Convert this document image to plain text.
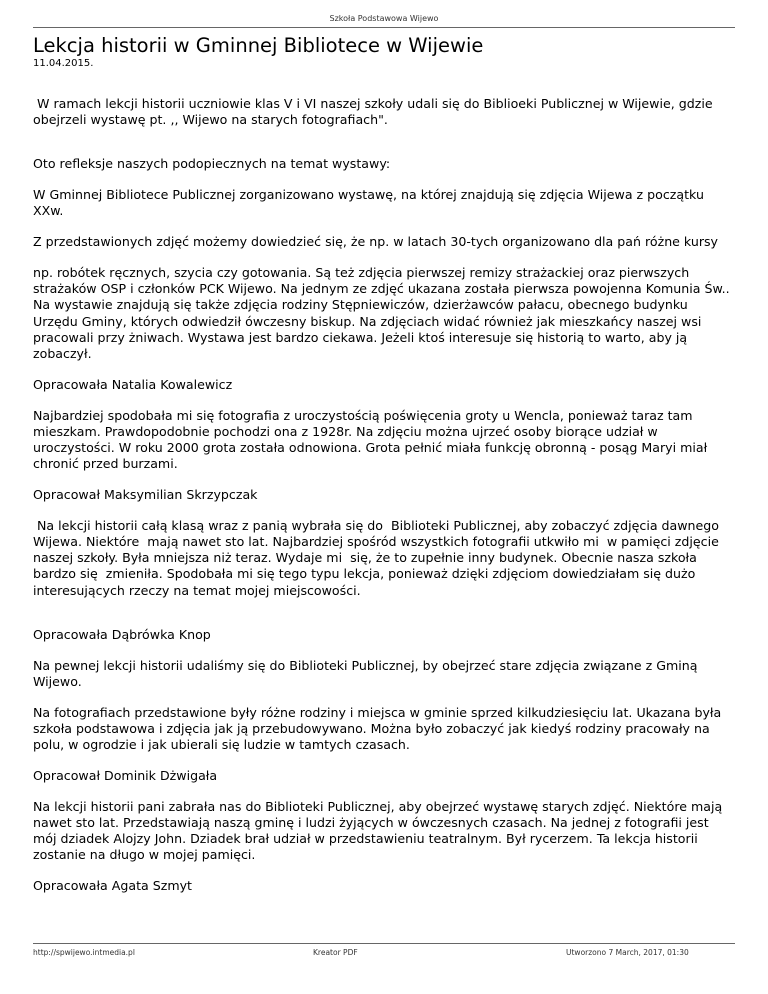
Szkoła Podstawowa Wijewo
Lekcja historii w Gminnej Bibliotece w Wijewie
11.04.2015.

W ramach lekcji historii uczniowie klas V i VI naszej szkoły udali się do Biblioeki Publicznej w Wijewie, gdzie obejrzeli wystawę pt. ,, Wijewo na starych fotografiach".

Oto refleksje naszych podopiecznych na temat wystawy:

W Gminnej Bibliotece Publicznej zorganizowano wystawę, na której znajdują się zdjęcia Wijewa z początku XXw.

Z przedstawionych zdjęć możemy dowiedzieć się, że np. w latach 30-tych organizowano dla pań różne kursy

np. robótek ręcznych, szycia czy gotowania. Są też zdjęcia pierwszej remizy strażackiej oraz pierwszych strażaków OSP i członków PCK Wijewo. Na jednym ze zdjęć ukazana została pierwsza powojenna Komunia Św.. Na wystawie znajdują się także zdjęcia rodziny Stępniewiczów, dzierżawców pałacu, obecnego budynku Urzędu Gminy, których odwiedził ówczesny biskup. Na zdjęciach widać również jak mieszkańcy naszej wsi pracowali przy żniwach. Wystawa jest bardzo ciekawa. Jeżeli ktoś interesuje się historią to warto, aby ją zobaczył.

Opracowała Natalia Kowalewicz

Najbardziej spodobała mi się fotografia z uroczystością poświęcenia groty u Wencla, ponieważ taraz tam mieszkam. Prawdopodobnie pochodzi ona z 1928r. Na zdjęciu można ujrzeć osoby biorące udział w uroczystości. W roku 2000 grota została odnowiona. Grota pełnić miała funkcję obronną - posąg Maryi miał chronić przed burzami.

Opracował Maksymilian Skrzypczak

Na lekcji historii całą klasą wraz z panią wybrała się do  Biblioteki Publicznej, aby zobaczyć zdjęcia dawnego Wijewa. Niektóre  mają nawet sto lat. Najbardziej spośród wszystkich fotografii utkwiło mi  w pamięci zdjęcie naszej szkoły. Była mniejsza niż teraz. Wydaje mi  się, że to zupełnie inny budynek. Obecnie nasza szkoła bardzo się  zmieniła. Spodobała mi się tego typu lekcja, ponieważ dzięki zdjęciom dowiedziałam się dużo interesujących rzeczy na temat mojej miejscowości.

Opracowała Dąbrówka Knop

Na pewnej lekcji historii udaliśmy się do Biblioteki Publicznej, by obejrzeć stare zdjęcia związane z Gminą Wijewo.

Na fotografiach przedstawione były różne rodziny i miejsca w gminie sprzed kilkudziesięciu lat. Ukazana była szkoła podstawowa i zdjęcia jak ją przebudowywano. Można było zobaczyć jak kiedyś rodziny pracowały na polu, w ogrodzie i jak ubierali się ludzie w tamtych czasach.

Opracował Dominik Dżwigała

Na lekcji historii pani zabrała nas do Biblioteki Publicznej, aby obejrzeć wystawę starych zdjęć. Niektóre mają nawet sto lat. Przedstawiają naszą gminę i ludzi żyjących w ówczesnych czasach. Na jednej z fotografii jest mój dziadek Alojzy John. Dziadek brał udział w przedstawieniu teatralnym. Był rycerzem. Ta lekcja historii zostanie na długo w mojej pamięci.

Opracowała Agata Szmyt

http://spwijewo.intmedia.pl	Kreator PDF	Utworzono 7 March, 2017, 01:30
